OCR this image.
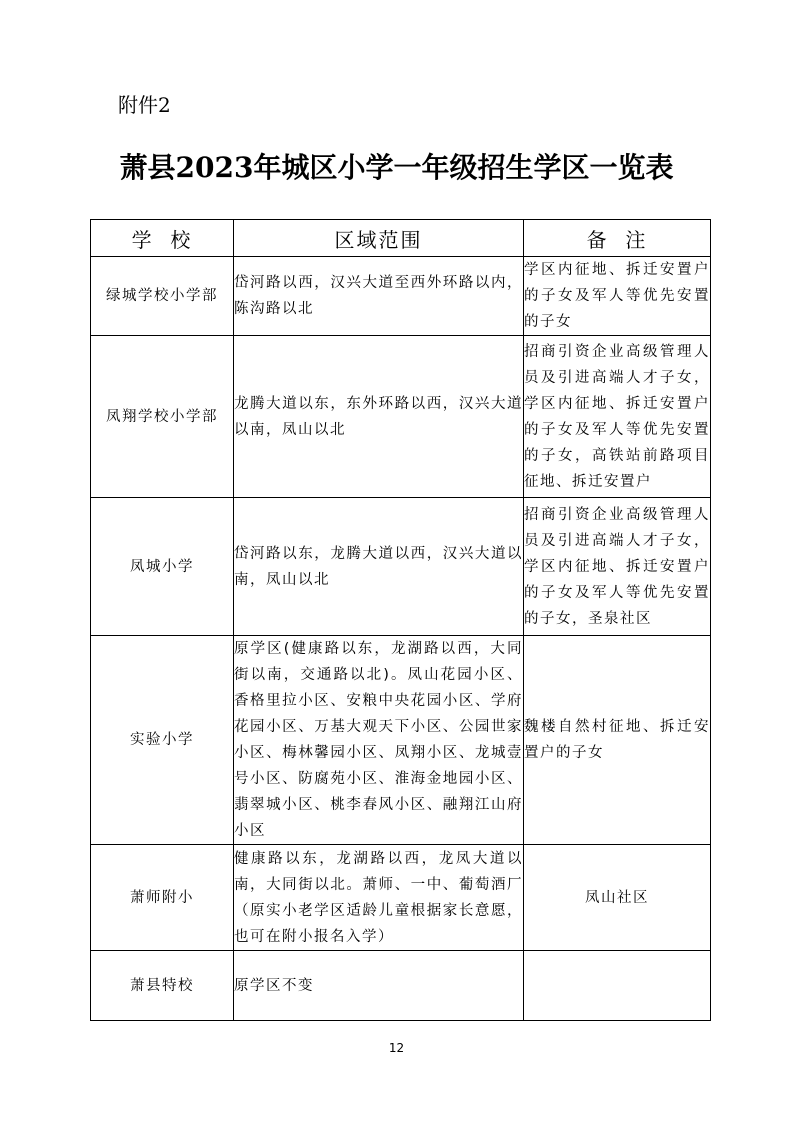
附件2
萧县2023年城区小学一年级招生学区一览表
学  校	区域范围	备  注
绿城学校小学部	岱河路以西，汉兴大道至西外环路以内，陈沟路以北	学区内征地、拆迁安置户的子女及军人等优先安置的子女
凤翔学校小学部	龙腾大道以东，东外环路以西，汉兴大道以南，凤山以北	招商引资企业高级管理人员及引进高端人才子女，学区内征地、拆迁安置户的子女及军人等优先安置的子女，高铁站前路项目征地、拆迁安置户
凤城小学	岱河路以东，龙腾大道以西，汉兴大道以南，凤山以北	招商引资企业高级管理人员及引进高端人才子女，学区内征地、拆迁安置户的子女及军人等优先安置的子女，圣泉社区
实验小学	原学区(健康路以东，龙湖路以西，大同街以南，交通路以北)。凤山花园小区、香格里拉小区、安粮中央花园小区、学府花园小区、万基大观天下小区、公园世家小区、梅林馨园小区、凤翔小区、龙城壹号小区、防腐苑小区、淮海金地园小区、翡翠城小区、桃李春风小区、融翔江山府小区	魏楼自然村征地、拆迁安置户的子女
萧师附小	健康路以东，龙湖路以西，龙凤大道以南，大同街以北。萧师、一中、葡萄酒厂（原实小老学区适龄儿童根据家长意愿，也可在附小报名入学）	凤山社区
萧县特校	原学区不变	
12
